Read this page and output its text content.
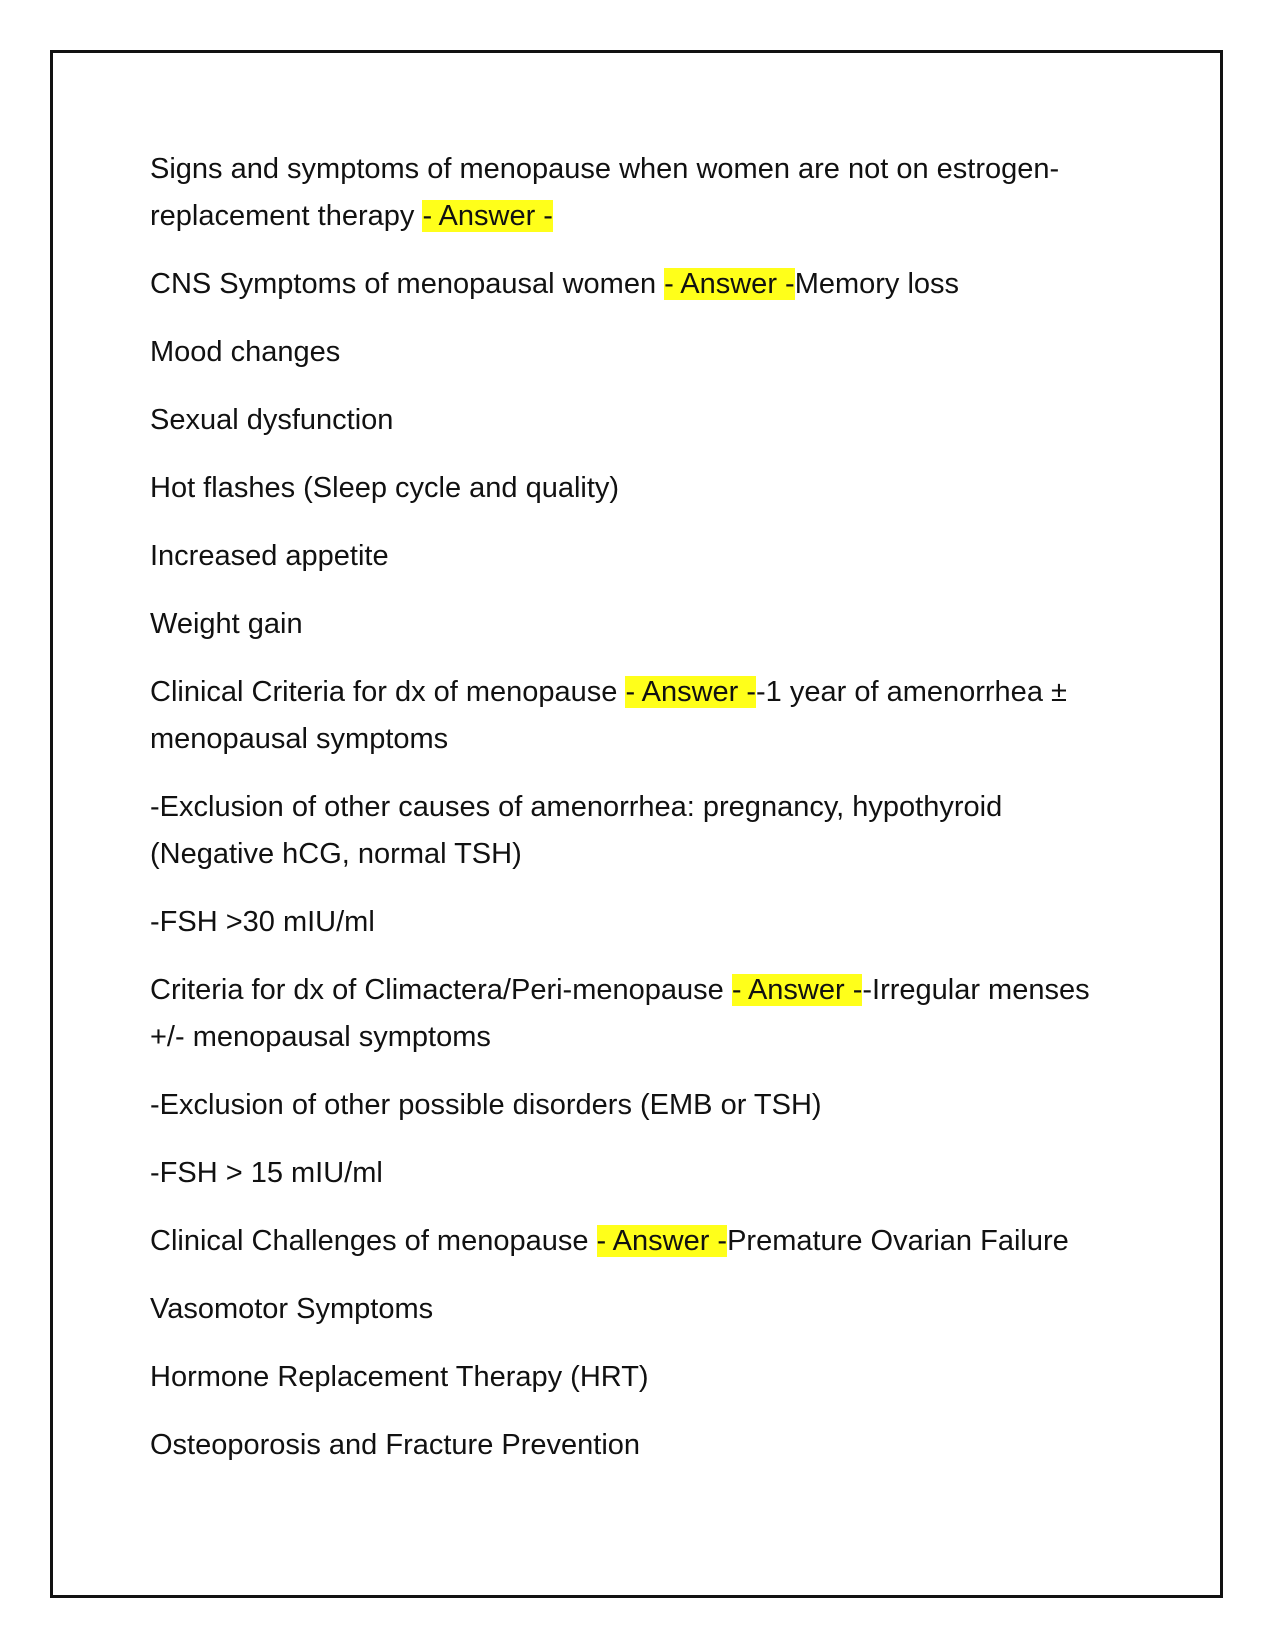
Signs and symptoms of menopause when women are not on estrogen-replacement therapy - Answer -

CNS Symptoms of menopausal women - Answer -Memory loss

Mood changes

Sexual dysfunction

Hot flashes (Sleep cycle and quality)

Increased appetite

Weight gain

Clinical Criteria for dx of menopause - Answer --1 year of amenorrhea ± menopausal symptoms

-Exclusion of other causes of amenorrhea: pregnancy, hypothyroid (Negative hCG, normal TSH)

-FSH >30 mIU/ml

Criteria for dx of Climactera/Peri-menopause - Answer --Irregular menses +/- menopausal symptoms

-Exclusion of other possible disorders (EMB or TSH)

-FSH > 15 mIU/ml

Clinical Challenges of menopause - Answer -Premature Ovarian Failure

Vasomotor Symptoms

Hormone Replacement Therapy (HRT)

Osteoporosis and Fracture Prevention
